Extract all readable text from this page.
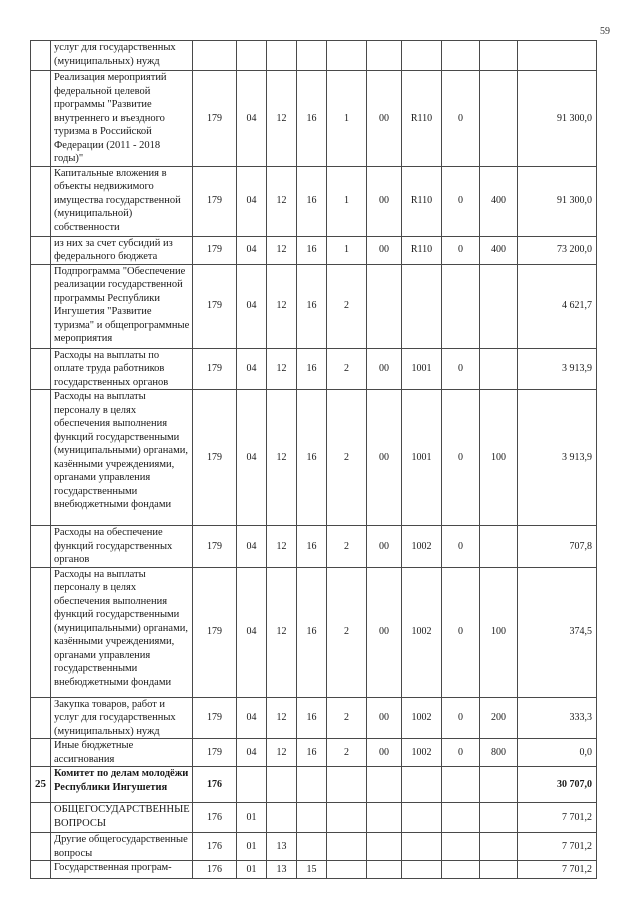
59
	услуг для государственных (муниципальных) нужд										
	Реализация мероприятий федеральной целевой программы "Развитие внутреннего и въездного туризма в Российской Федерации (2011 - 2018 годы)"	179	04	12	16	1	00	R110	0		91 300,0
	Капитальные вложения в объекты недвижимого имущества государственной (муниципальной) собственности	179	04	12	16	1	00	R110	0	400	91 300,0
	из них за счет субсидий из федерального бюджета	179	04	12	16	1	00	R110	0	400	73 200,0
	Подпрограмма "Обеспечение реализации государственной программы Республики Ингушетия "Развитие туризма" и общепрограммные мероприятия	179	04	12	16	2					4 621,7
	Расходы на выплаты по оплате труда работников государственных органов	179	04	12	16	2	00	1001	0		3 913,9
	Расходы на выплаты персоналу в целях обеспечения выполнения функций государственными (муниципальными) органами, казёнными учреждениями, органами управления государственными внебюджетными фондами	179	04	12	16	2	00	1001	0	100	3 913,9
	Расходы на обеспечение функций государственных органов	179	04	12	16	2	00	1002	0		707,8
	Расходы на выплаты персоналу в целях обеспечения выполнения функций государственными (муниципальными) органами, казёнными учреждениями, органами управления государственными внебюджетными фондами	179	04	12	16	2	00	1002	0	100	374,5
	Закупка товаров, работ и услуг для государственных (муниципальных) нужд	179	04	12	16	2	00	1002	0	200	333,3
	Иные бюджетные ассигнования	179	04	12	16	2	00	1002	0	800	0,0
25	Комитет по делам молодёжи Республики Ингушетия	176									30 707,0
	ОБЩЕГОСУДАРСТВЕННЫЕ ВОПРОСЫ	176	01								7 701,2
	Другие общегосударственные вопросы	176	01	13							7 701,2
	Государственная програм-	176	01	13	15						7 701,2
